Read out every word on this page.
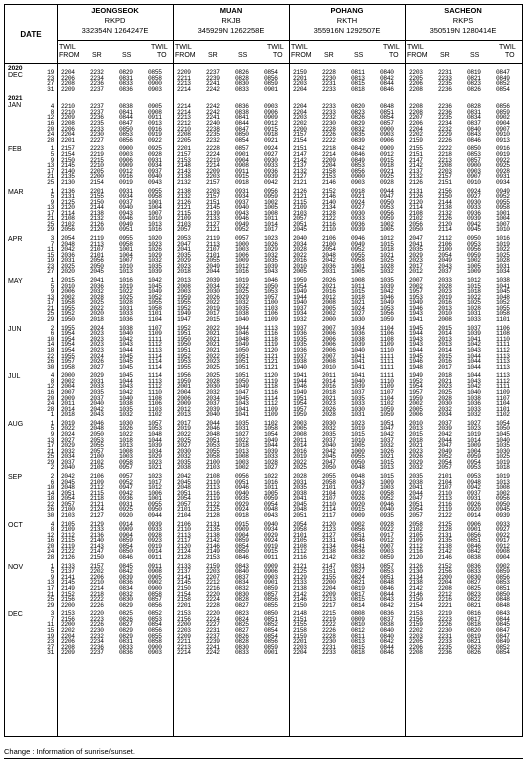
DATE
JEONGSEOK
RKPD
332354N 1264247E
MUAN
RKJB
345929N 1262258E
POHANG
RKTH
355916N 1292507E
SACHEON
RKPS
350519N 1280414E
TWIL
FROM SR	SS
TWIL
TO
TWIL
FROM SR	SS
TWIL
TO
TWIL
FROM SR	SS
TWIL
TO
TWIL
FROM SR	SS
TWIL
TO
2020
DEC	19 2204 2232 0829 0855 2209 2237 0826 0854 2159 2228 0811 0840 2203 2231 0819 0847
23 2206 2234 0831 0858 2211 2239 0828 0856 2201 2230 0813 0842 2205 2233 0821 0849
27 2208 2236 0833 0900 2213 2241 0830 0859 2203 2231 0815 0844 2206 2235 0823 0852
31 2209 2237 0836 0903 2214 2242 0833 0901 2204 2233 0818 0846 2208 2236 0826 0854
2021
JAN	4 2210 2237 0838 0905 2214 2242 0836 0903 2204 2233 0820 0848 2208 2236 0828 0856
8 2210 2237 0841 0908 2214 2242 0838 0906 2204 2233 0823 0851 2208 2236 0831 0859
12 2209 2236 0844 0911 2213 2241 0841 0909 2203 2232 0826 0854 2207 2235 0834 0902
16 2208 2235 0847 0913 2212 2240 0844 0912 2202 2230 0829 0857 2206 2234 0837 0904
20 2206 2233 0850 0916 2210 2238 0847 0915 2200 2228 0832 0900 2204 2232 0840 0907
24 2204 2230 0853 0919 2208 2235 0850 0918 2157 2226 0835 0903 2202 2229 0843 0910
28 2201 2227 0856 0922 2205 2232 0854 0921 2154 2222 0839 0906 2159 2226 0846 0913
FEB	1 2157 2223 0900 0925 2201 2228 0857 0924 2151 2218 0842 0909 2155 2222 0850 0916
5 2154 2219 0903 0928 2157 2224 0901 0927 2147 2214 0846 0912 2151 2218 0853 0919
9 2150 2215 0906 0931 2153 2219 0904 0930 2142 2209 0849 0915 2147 2213 0857 0922
13 2145 2210 0909 0934 2148 2214 0908 0933 2137 2204 0853 0918 2142 2208 0900 0925
17 2140 2205 0912 0937 2143 2209 0911 0936 2132 2158 0856 0921 2137 2203 0903 0928
21 2135 2200 0916 0940 2138 2203 0915 0939 2127 2153 0900 0925 2132 2157 0907 0931
25 2130 2154 0919 0943 2132 2157 0918 0942 2121 2146 0903 0928 2126 2151 0910 0934
MAR	1 2136 2201 0931 0955 2138 2203 0931 0956 2126 2152 0918 0944 2131 2156 0924 0949
5 2131 2155 0934 0958 2132 2157 0934 0959 2121 2146 0921 0947 2126 2150 0927 0952
9 2125 2150 0937 1001 2126 2151 0937 1002 2115 2140 0924 0950 2120 2144 0930 0955
13 2120 2144 0940 1004 2121 2145 0940 1005 2109 2134 0927 0953 2114 2138 0933 0958
17 2114 2138 0943 1007 2115 2139 0943 1008 2103 2128 0930 0956 2108 2132 0936 1001
21 2108 2132 0946 1010 2109 2133 0946 1011 2057 2122 0933 0959 2102 2126 0939 1004
25 2102 2126 0949 1013 2103 2127 0949 1014 2051 2116 0936 1002 2056 2120 0942 1007
29 2056 2120 0951 1016 2057 2121 0952 1017 2045 2110 0939 1005 2050 2114 0945 1010
APR	3 2054 2119 0955 1020 2053 2119 0957 1023 2040 2106 0946 1012 2047 2112 0950 1016
7 2048 2113 0958 1023 2047 2113 1000 1026 2034 2100 0949 1015 2041 2106 0953 1019
11 2042 2107 1001 1026 2041 2107 1003 1029 2028 2054 0952 1018 2035 2100 0956 1022
15 2036 2101 1004 1029 2035 2101 1006 1032 2022 2048 0955 1021 2029 2054 0959 1025
19 2031 2056 1007 1032 2029 2055 1009 1035 2016 2042 0958 1025 2023 2049 1002 1028
23 2025 2050 1010 1035 2023 2049 1012 1039 2010 2036 1001 1028 2017 2043 1005 1031
27 2020 2045 1013 1039 2018 2044 1016 1043 2005 2031 1005 1032 2012 2037 1009 1034
MAY	1 2015 2041 1016 1042 2013 2039 1019 1046 1959 2026 1008 1035 2007 2033 1012 1038
5 2010 2036 1019 1045 2008 2034 1022 1050 1954 2021 1011 1039 2002 2028 1015 1041
9 2006 2032 1022 1049 2003 2030 1025 1053 1949 2016 1015 1042 1957 2023 1018 1045
13 2002 2028 1025 1052 1959 2026 1029 1057 1944 2012 1018 1046 1953 2019 1022 1048
17 1958 2025 1028 1055 1955 2022 1032 1100 1940 2008 1021 1049 1949 2016 1025 1052
21 1955 2022 1031 1058 1952 2019 1035 1103 1937 2005 1024 1053 1946 2013 1028 1055
25 1952 2020 1033 1101 1949 2017 1038 1106 1934 2002 1027 1056 1943 2010 1031 1058
29 1950 2018 1036 1104 1947 2015 1040 1109 1932 2000 1030 1059 1941 2008 1033 1101
JUN	2 1955 2024 1038 1107 1952 2022 1044 1113 1937 2007 1034 1104 1945 2015 1037 1106
6 1954 2023 1040 1109 1951 2021 1046 1116 1936 2006 1036 1106 1944 2014 1039 1108
10 1954 2023 1042 1111 1950 2021 1048 1118 1935 2006 1038 1108 1943 2013 1041 1110
14 1954 2023 1043 1112 1950 2021 1049 1119 1935 2006 1039 1109 1943 2013 1042 1111
18 1954 2023 1044 1113 1951 2021 1050 1120 1936 2006 1040 1110 1944 2014 1043 1112
22 1955 2024 1045 1114 1952 2022 1051 1121 1937 2007 1041 1111 1945 2015 1044 1113
26 1957 2026 1045 1114 1953 2023 1051 1121 1938 2008 1041 1111 1946 2016 1044 1113
30 1958 2027 1045 1114 1955 2025 1051 1121 1940 2010 1041 1111 1948 2017 1044 1113
JUL	4 2000 2029 1045 1114 1956 2025 1051 1120 1941 2011 1041 1111 1949 2018 1044 1113
8 2002 2031 1044 1113 1959 2028 1050 1119 1944 2014 1040 1110 1952 2021 1043 1112
12 2004 2033 1043 1112 2001 2030 1049 1118 1946 2016 1039 1109 1954 2023 1042 1111
16 2007 2035 1042 1110 2004 2032 1047 1116 1949 2018 1037 1107 1957 2025 1040 1109
20 2009 2037 1040 1108 2006 2034 1045 1114 1951 2021 1035 1104 1959 2028 1038 1107
24 2011 2040 1038 1106 2009 2037 1043 1112 1954 2023 1033 1102 2002 2030 1036 1104
28 2014 2042 1035 1103 2012 2039 1041 1109 1957 2026 1030 1059 2005 2032 1033 1101
1 2018 2043 1032 1102 2013 2040 1041 1109 1959 2028 1031 1059 2006 2034 1032 1102
AUG	1 2019 2046 1030 1057 2017 2044 1035 1102 2003 2030 1023 1051 2010 2037 1027 1054
5 2022 2048 1026 1053 2019 2046 1031 1058 2005 2032 1019 1047 2013 2039 1023 1050
9 2024 2050 1022 1048 2022 2048 1027 1054 2008 2035 1015 1042 2015 2042 1019 1045
13 2027 2053 1018 1044 2025 2051 1022 1049 2011 2037 1010 1037 2018 2044 1014 1040
17 2029 2055 1013 1039 2027 2053 1018 1044 2014 2040 1005 1032 2021 2047 1009 1035
21 2032 2057 1008 1034 2030 2055 1013 1039 2016 2042 1000 1026 2023 2049 1004 1030
25 2034 2100 1003 1029 2032 2058 1008 1033 2019 2045 0955 1021 2026 2052 0959 1025
29 2037 2102 0958 1023 2035 2100 1003 1028 2022 2047 0950 1015 2029 2054 0954 1019
2 2040 2105 0957 1021 2038 2103 1002 1027 2025 2050 0948 1013 2032 2057 0953 1018
SEP	2 2042 2106 0957 1023 2042 2108 0956 1022 2028 2055 0948 1015 2035 2101 0953 1019
6 2045 2109 0952 1017 2045 2110 0951 1016 2031 2058 0943 1009 2038 2104 0948 1013
10 2048 2112 0947 1012 2048 2113 0946 1011 2035 2101 0937 1003 2041 2107 0942 1008
14 2051 2115 0942 1006 2051 2116 0940 1005 2038 2104 0932 0958 2044 2110 0937 1002
18 2054 2118 0936 1001 2054 2119 0935 0959 2041 2107 0926 0952 2047 2113 0931 0956
22 2057 2121 0931 0955 2057 2122 0929 0954 2045 2110 0920 0946 2051 2116 0926 0950
26 2100 2124 0925 0950 2101 2125 0924 0948 2048 2114 0915 0940 2054 2119 0920 0945
30 2103 2127 0920 0944 2104 2128 0918 0943 2051 2117 0909 0935 2057 2122 0914 0939
OCT	4 2105 2129 0914 0939 2106 2131 0915 0940 2054 2120 0902 0928 2058 2125 0906 0933
8 2109 2133 0909 0933 2110 2135 0909 0934 2058 2123 0856 0922 2102 2128 0901 0927
12 2112 2136 0904 0928 2113 2138 0904 0929 2101 2127 0851 0917 2105 2131 0856 0922
16 2115 2140 0859 0923 2117 2142 0859 0924 2105 2131 0846 0912 2109 2135 0851 0917
20 2119 2143 0854 0919 2120 2146 0854 0919 2108 2134 0841 0907 2112 2138 0846 0912
24 2122 2147 0850 0914 2124 2149 0850 0915 2112 2138 0836 0903 2116 2142 0842 0908
28 2126 2150 0846 0911 2128 2153 0846 0911 2116 2142 0832 0859 2120 2146 0838 0904
NOV	1 2133 2157 0845 0911 2133 2159 0843 0909 2121 2147 0831 0857 2126 2152 0836 0902
5 2137 2202 0842 0908 2137 2203 0840 0906 2125 2151 0827 0853 2130 2156 0833 0859
9 2141 2206 0839 0905 2141 2207 0837 0903 2129 2155 0824 0851 2134 2200 0830 0856
13 2145 2210 0836 0902 2145 2212 0834 0901 2133 2200 0821 0848 2138 2204 0827 0853
17 2149 2214 0834 0900 2150 2216 0832 0859 2138 2204 0819 0846 2142 2208 0825 0851
21 2152 2218 0832 0858 2154 2220 0830 0857 2142 2209 0817 0844 2146 2212 0823 0850
25 2156 2222 0830 0857 2158 2224 0828 0856 2146 2213 0815 0843 2150 2216 0822 0848
29 2200 2226 0829 0856 2201 2228 0827 0855 2150 2217 0814 0842 2154 2221 0821 0848
DEC	3 2153 2220 0825 0852 2153 2220 0823 0850 2148 2215 0808 0836 2153 2219 0816 0843
7 2156 2223 0826 0853 2156 2224 0824 0851 2151 2219 0809 0837 2156 2223 0817 0844
11 2200 2226 0827 0854 2200 2227 0825 0852 2155 2222 0810 0838 2159 2226 0818 0845
15 2202 2230 0829 0856 2203 2231 0827 0854 2158 2226 0812 0840 2202 2230 0820 0847
19 2204 2232 0829 0855 2209 2237 0826 0854 2159 2228 0811 0840 2203 2231 0819 0847
23 2206 2234 0831 0858 2211 2239 0828 0856 2201 2230 0813 0842 2205 2233 0821 0849
27 2208 2236 0833 0900 2213 2241 0830 0859 2203 2231 0815 0844 2206 2235 0823 0852
31 2209 2237 0836 0903 2214 2242 0833 0901 2204 2233 0818 0846 2208 2236 0826 0854
Change : Information of sunrise/sunset.
